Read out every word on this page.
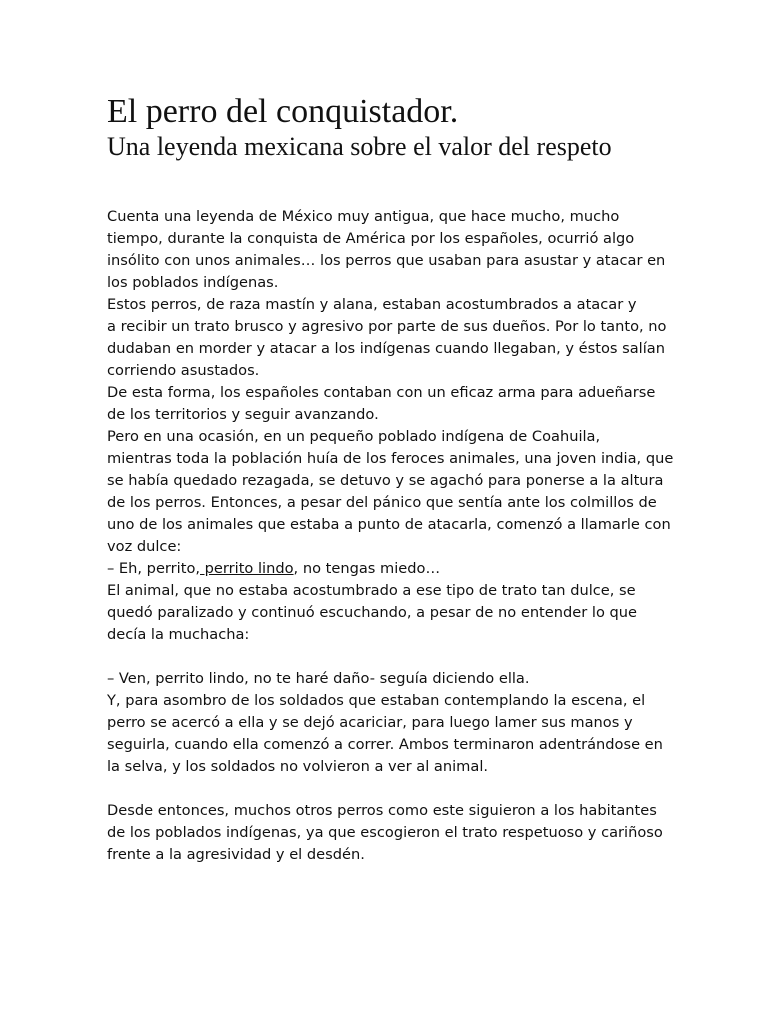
El perro del conquistador.
Una leyenda mexicana sobre el valor del respeto
Cuenta una leyenda de México muy antigua, que hace mucho, mucho
tiempo, durante la conquista de América por los españoles, ocurrió algo
insólito con unos animales… los perros que usaban para asustar y atacar en
los poblados indígenas.
Estos perros, de raza mastín y alana, estaban acostumbrados a atacar y
a recibir un trato brusco y agresivo por parte de sus dueños. Por lo tanto, no
dudaban en morder y atacar a los indígenas cuando llegaban, y éstos salían
corriendo asustados.
De esta forma, los españoles contaban con un eficaz arma para adueñarse
de los territorios y seguir avanzando.
Pero en una ocasión, en un pequeño poblado indígena de Coahuila,
mientras toda la población huía de los feroces animales, una joven india, que
se había quedado rezagada, se detuvo y se agachó para ponerse a la altura
de los perros. Entonces, a pesar del pánico que sentía ante los colmillos de
uno de los animales que estaba a punto de atacarla, comenzó a llamarle con
voz dulce:
– Eh, perrito, perrito lindo, no tengas miedo…
El animal, que no estaba acostumbrado a ese tipo de trato tan dulce, se
quedó paralizado y continuó escuchando, a pesar de no entender lo que
decía la muchacha:
– Ven, perrito lindo, no te haré daño- seguía diciendo ella.
Y, para asombro de los soldados que estaban contemplando la escena, el
perro se acercó a ella y se dejó acariciar, para luego lamer sus manos y
seguirla, cuando ella comenzó a correr. Ambos terminaron adentrándose en
la selva, y los soldados no volvieron a ver al animal.
Desde entonces, muchos otros perros como este siguieron a los habitantes
de los poblados indígenas, ya que escogieron el trato respetuoso y cariñoso
frente a la agresividad y el desdén.
